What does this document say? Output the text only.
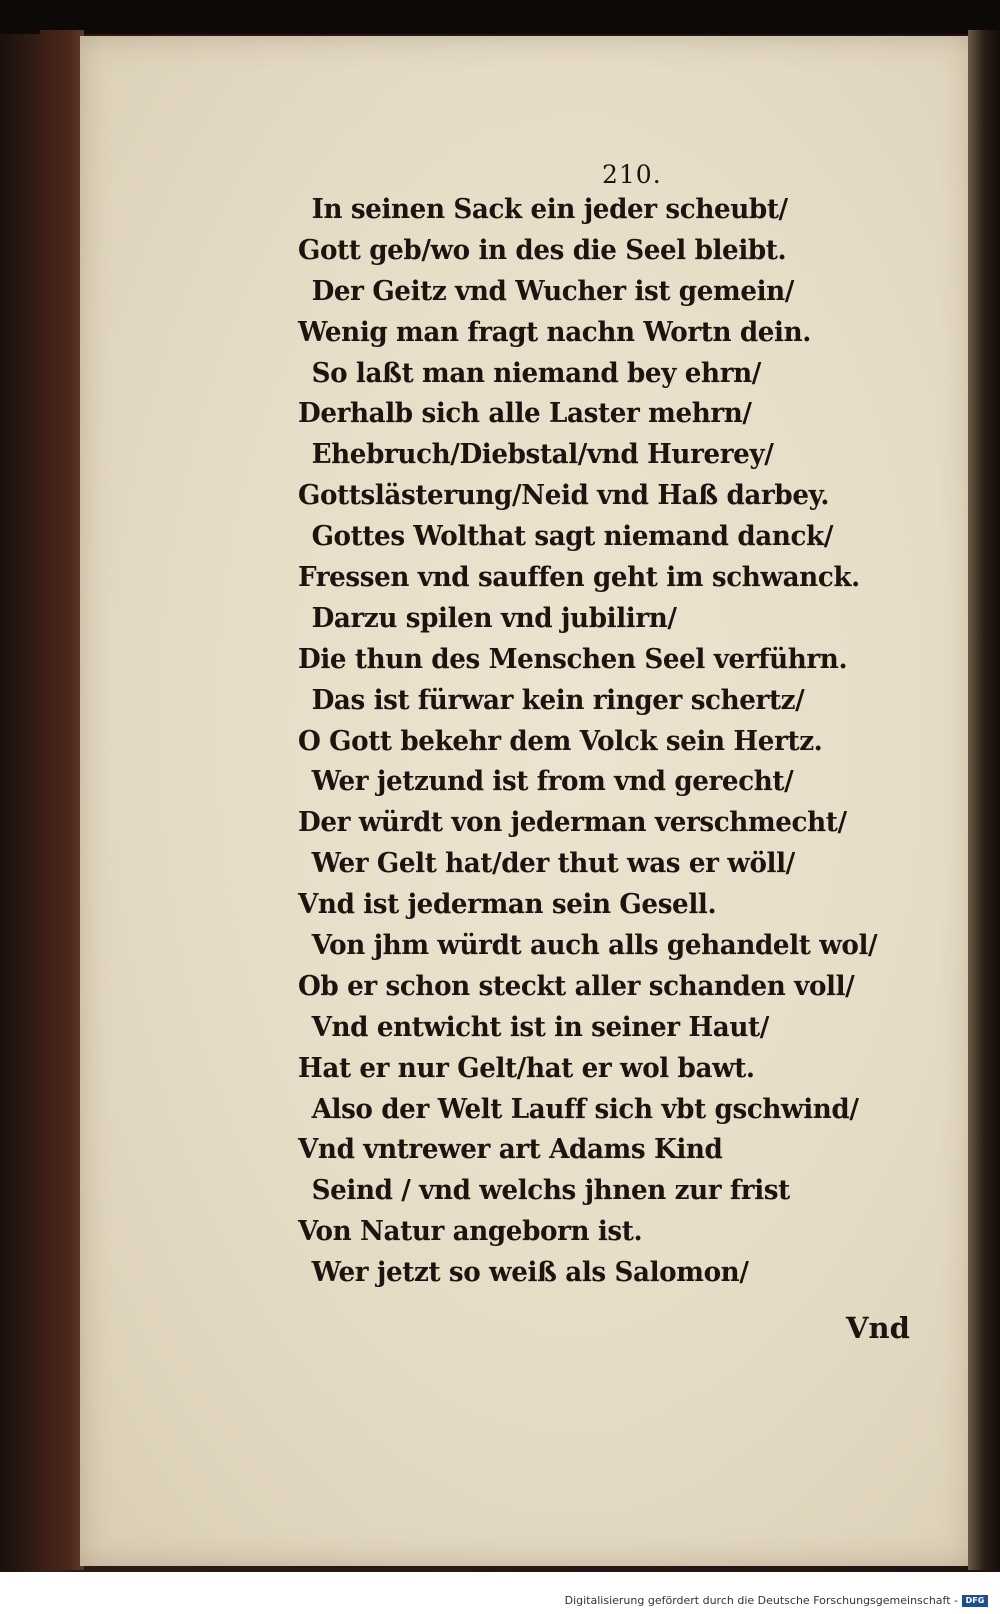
210.
In seinen Sack ein jeder scheubt/
Gott geb/wo in des die Seel bleibt.
Der Geitz vnd Wucher ist gemein/
Wenig man fragt nachn Wortn dein.
So laßt man niemand bey ehrn/
Derhalb sich alle Laster mehrn/
Ehebruch/Diebstal/vnd Hurerey/
Gottslästerung/Neid vnd Haß darbey.
Gottes Wolthat sagt niemand danck/
Fressen vnd sauffen geht im schwanck.
Darzu spilen vnd jubilirn/
Die thun des Menschen Seel verführn.
Das ist fürwar kein ringer schertz/
O Gott bekehr dem Volck sein Hertz.
Wer jetzund ist from vnd gerecht/
Der würdt von jederman verschmecht/
Wer Gelt hat/der thut was er wöll/
Vnd ist jederman sein Gesell.
Von jhm würdt auch alls gehandelt wol/
Ob er schon steckt aller schanden voll/
Vnd entwicht ist in seiner Haut/
Hat er nur Gelt/hat er wol bawt.
Also der Welt Lauff sich vbt gschwind/
Vnd vntrewer art Adams Kind
Seind / vnd welchs jhnen zur frist
Von Natur angeborn ist.
Wer jetzt so weiß als Salomon/
Vnd
Digitalisierung gefördert durch die Deutsche Forschungsgemeinschaft - DFG
